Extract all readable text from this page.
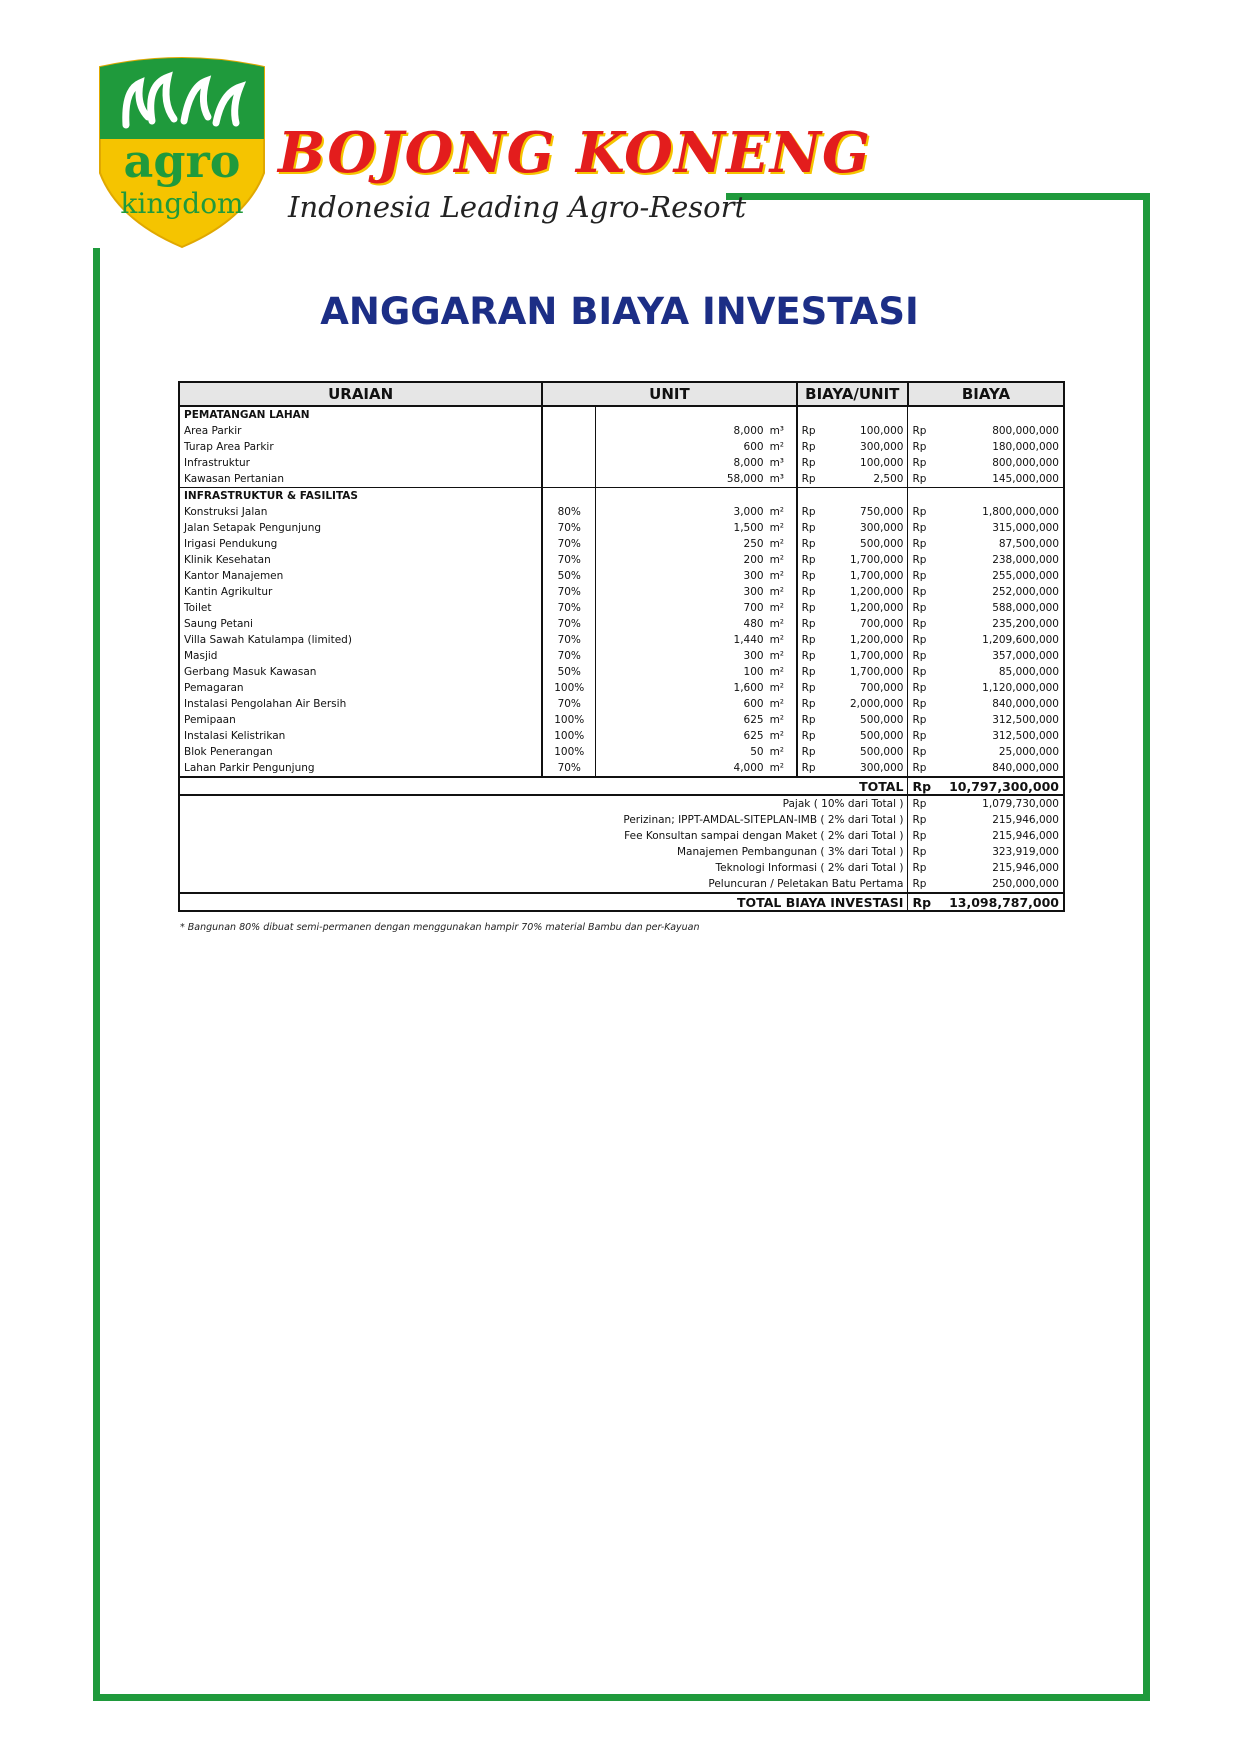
agro
kingdom
BOJONG KONENG
Indonesia Leading Agro-Resort
ANGGARAN BIAYA INVESTASI
URAIAN	UNIT		BIAYA/UNIT		BIAYA	
PEMATANGAN LAHAN						
Area Parkir		8,000 m³	Rp	100,000	Rp	800,000,000
Turap Area Parkir		600 m²	Rp	300,000	Rp	180,000,000
Infrastruktur		8,000 m³	Rp	100,000	Rp	800,000,000
Kawasan Pertanian		58,000 m³	Rp	2,500	Rp	145,000,000
INFRASTRUKTUR & FASILITAS						
Konstruksi Jalan	80%	3,000 m²	Rp	750,000	Rp	1,800,000,000
Jalan Setapak Pengunjung	70%	1,500 m²	Rp	300,000	Rp	315,000,000
Irigasi Pendukung	70%	250 m²	Rp	500,000	Rp	87,500,000
Klinik Kesehatan	70%	200 m²	Rp	1,700,000	Rp	238,000,000
Kantor Manajemen	50%	300 m²	Rp	1,700,000	Rp	255,000,000
Kantin Agrikultur	70%	300 m²	Rp	1,200,000	Rp	252,000,000
Toilet	70%	700 m²	Rp	1,200,000	Rp	588,000,000
Saung Petani	70%	480 m²	Rp	700,000	Rp	235,200,000
Villa Sawah Katulampa (limited)	70%	1,440 m²	Rp	1,200,000	Rp	1,209,600,000
Masjid	70%	300 m²	Rp	1,700,000	Rp	357,000,000
Gerbang Masuk Kawasan	50%	100 m²	Rp	1,700,000	Rp	85,000,000
Pemagaran	100%	1,600 m²	Rp	700,000	Rp	1,120,000,000
Instalasi Pengolahan Air Bersih	70%	600 m²	Rp	2,000,000	Rp	840,000,000
Pemipaan	100%	625 m²	Rp	500,000	Rp	312,500,000
Instalasi Kelistrikan	100%	625 m²	Rp	500,000	Rp	312,500,000
Blok Penerangan	100%	50 m²	Rp	500,000	Rp	25,000,000
Lahan Parkir Pengunjung	70%	4,000 m²	Rp	300,000	Rp	840,000,000
TOTAL					Rp	10,797,300,000
Pajak ( 10% dari Total )					Rp	1,079,730,000
Perizinan; IPPT-AMDAL-SITEPLAN-IMB ( 2% dari Total )					Rp	215,946,000
Fee Konsultan sampai dengan Maket ( 2% dari Total )					Rp	215,946,000
Manajemen Pembangunan ( 3% dari Total )					Rp	323,919,000
Teknologi Informasi ( 2% dari Total )					Rp	215,946,000
Peluncuran / Peletakan Batu Pertama					Rp	250,000,000
TOTAL BIAYA INVESTASI					Rp	13,098,787,000
* Bangunan 80% dibuat semi-permanen dengan menggunakan hampir 70% material Bambu dan per-Kayuan
